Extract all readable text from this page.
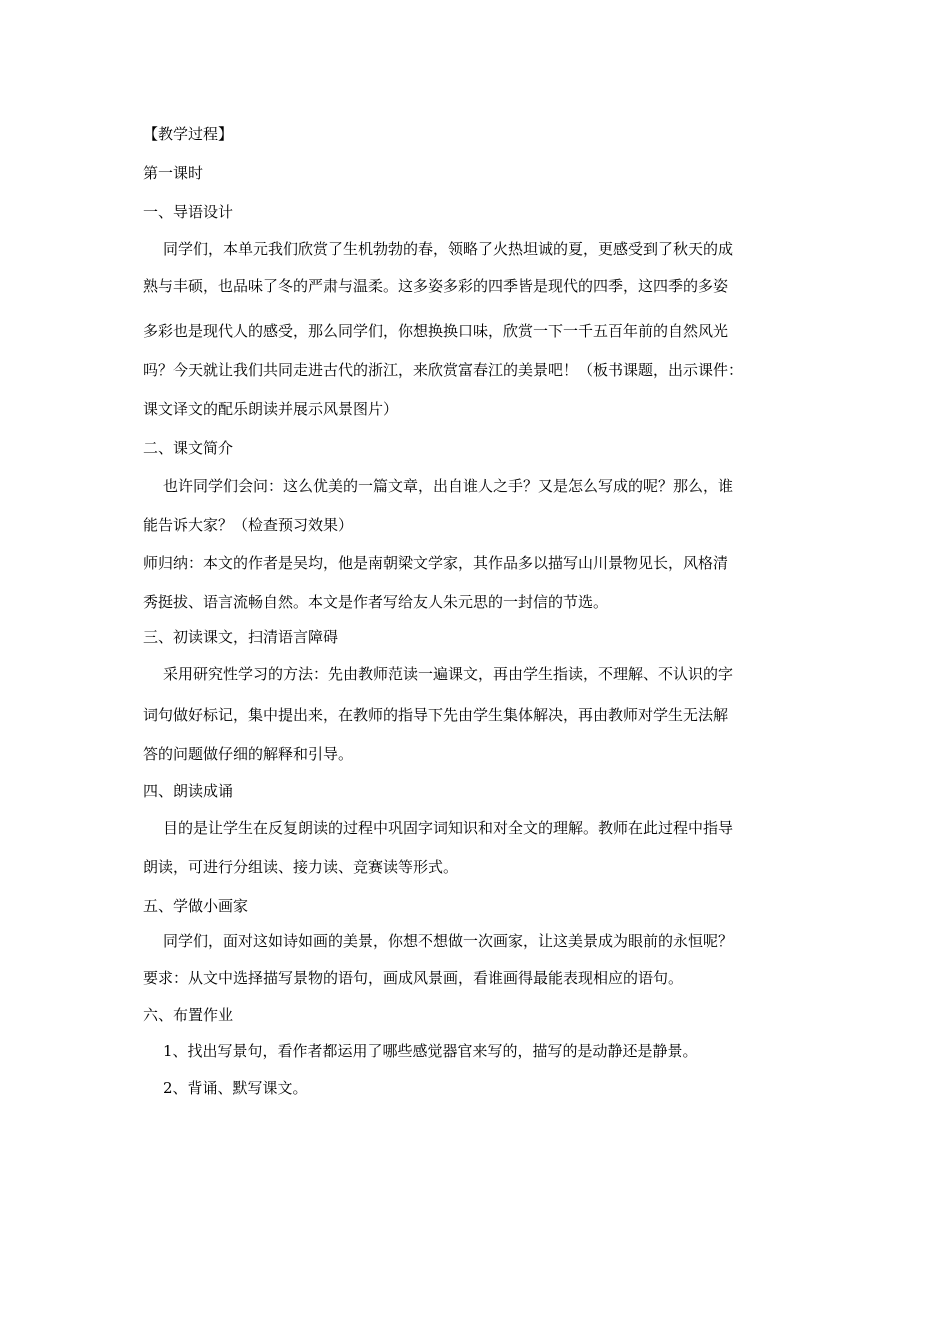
【教学过程】
第一课时
一、导语设计
同学们，本单元我们欣赏了生机勃勃的春，领略了火热坦诚的夏，更感受到了秋天的成
熟与丰硕，也品味了冬的严肃与温柔。这多姿多彩的四季皆是现代的四季，这四季的多姿
多彩也是现代人的感受，那么同学们，你想换换口味，欣赏一下一千五百年前的自然风光
吗？今天就让我们共同走进古代的浙江，来欣赏富春江的美景吧！（板书课题，出示课件：
课文译文的配乐朗读并展示风景图片）
二、课文简介
也许同学们会问：这么优美的一篇文章，出自谁人之手？又是怎么写成的呢？那么，谁
能告诉大家？（检查预习效果）
师归纳：本文的作者是吴均，他是南朝梁文学家，其作品多以描写山川景物见长，风格清
秀挺拔、语言流畅自然。本文是作者写给友人朱元思的一封信的节选。
三、初读课文，扫清语言障碍
采用研究性学习的方法：先由教师范读一遍课文，再由学生指读，不理解、不认识的字
词句做好标记，集中提出来，在教师的指导下先由学生集体解决，再由教师对学生无法解
答的问题做仔细的解释和引导。
四、朗读成诵
目的是让学生在反复朗读的过程中巩固字词知识和对全文的理解。教师在此过程中指导
朗读，可进行分组读、接力读、竞赛读等形式。
五、学做小画家
同学们，面对这如诗如画的美景，你想不想做一次画家，让这美景成为眼前的永恒呢？
要求：从文中选择描写景物的语句，画成风景画，看谁画得最能表现相应的语句。
六、布置作业
1、找出写景句，看作者都运用了哪些感觉器官来写的，描写的是动静还是静景。
2、背诵、默写课文。
